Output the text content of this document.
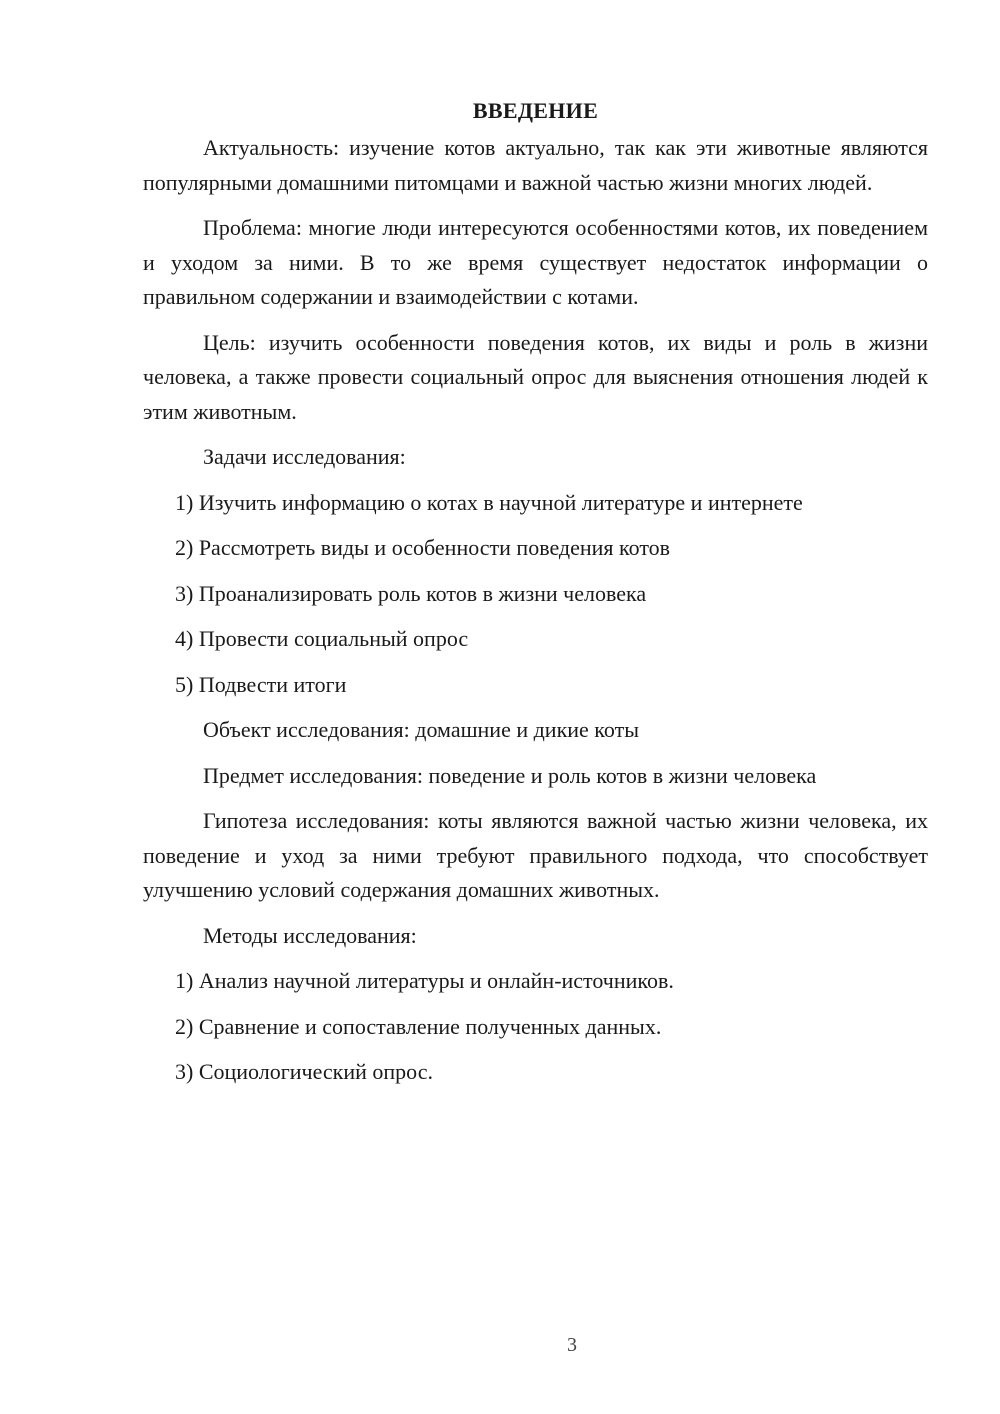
ВВЕДЕНИЕ

Актуальность: изучение котов актуально, так как эти животные являются популярными домашними питомцами и важной частью жизни многих людей.

Проблема: многие люди интересуются особенностями котов, их поведением и уходом за ними. В то же время существует недостаток информации о правильном содержании и взаимодействии с котами.

Цель: изучить особенности поведения котов, их виды и роль в жизни человека, а также провести социальный опрос для выяснения отношения людей к этим животным.

Задачи исследования:

1) Изучить информацию о котах в научной литературе и интернете

2) Рассмотреть виды и особенности поведения котов

3) Проанализировать роль котов в жизни человека

4) Провести социальный опрос

5) Подвести итоги

Объект исследования: домашние и дикие коты

Предмет исследования: поведение и роль котов в жизни человека

Гипотеза исследования: коты являются важной частью жизни человека, их поведение и уход за ними требуют правильного подхода, что способствует улучшению условий содержания домашних животных.

Методы исследования:

1) Анализ научной литературы и онлайн-источников.

2) Сравнение и сопоставление полученных данных.

3) Социологический опрос.

3
